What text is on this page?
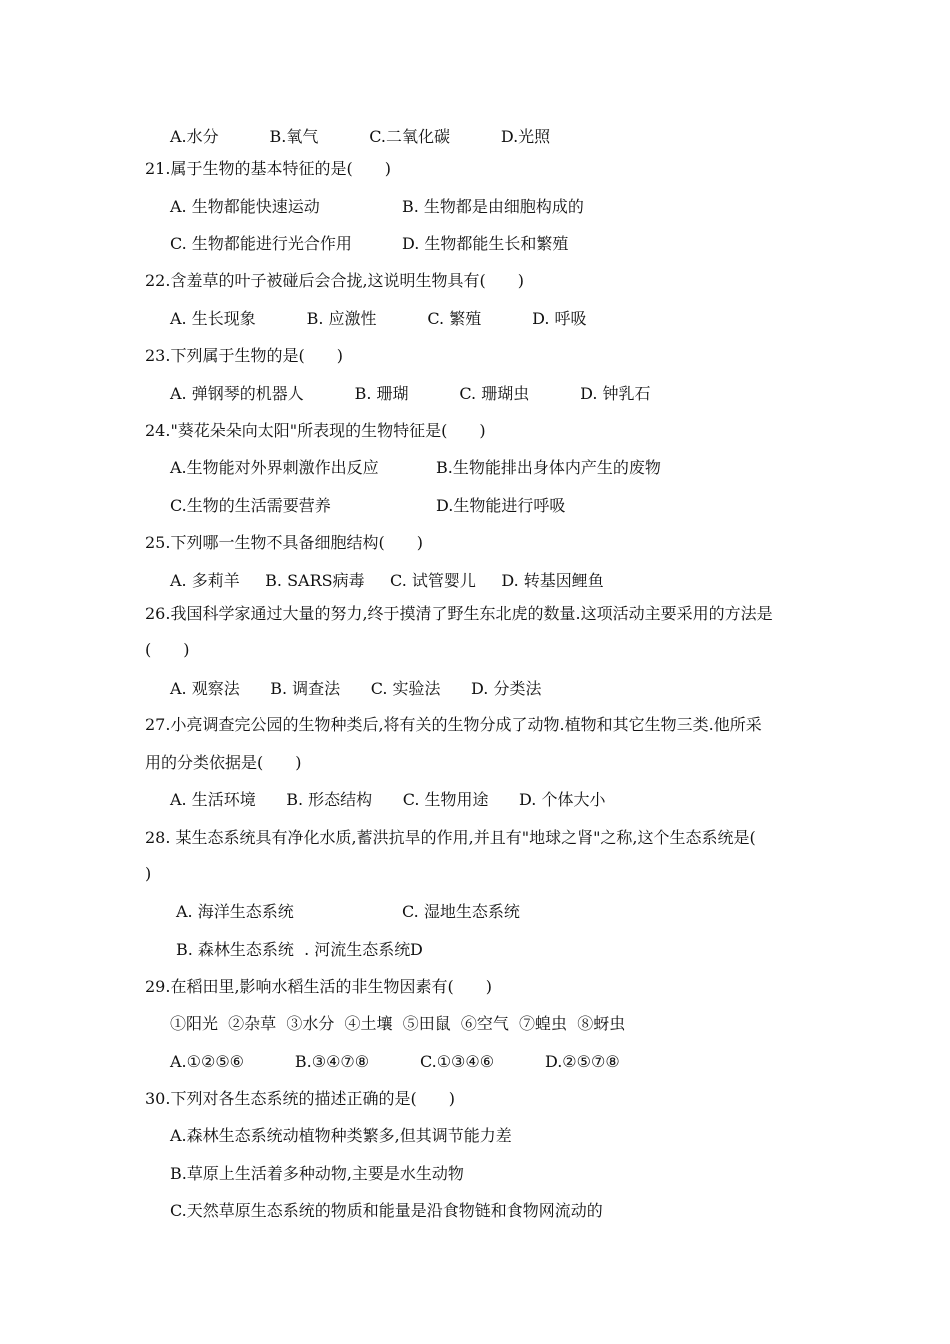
A.水分          B.氧气          C.二氧化碳          D.光照
21.属于生物的基本特征的是(　　)
A. 生物都能快速运动	B. 生物都是由细胞构成的
C. 生物都能进行光合作用	D. 生物都能生长和繁殖
22.含羞草的叶子被碰后会合拢,这说明生物具有(　　)
A. 生长现象          B. 应激性          C. 繁殖          D. 呼吸
23.下列属于生物的是(　　)
A. 弹钢琴的机器人          B. 珊瑚          C. 珊瑚虫          D. 钟乳石
24."葵花朵朵向太阳"所表现的生物特征是(　　)
A.生物能对外界刺激作出反应	B.生物能排出身体内产生的废物
C.生物的生活需要营养	D.生物能进行呼吸
25.下列哪一生物不具备细胞结构(　　)
A. 多莉羊     B. SARS病毒     C. 试管婴儿     D. 转基因鲤鱼
26.我国科学家通过大量的努力,终于摸清了野生东北虎的数量.这项活动主要采用的方法是
(　　)
A. 观察法      B. 调查法      C. 实验法      D. 分类法
27.小亮调查完公园的生物种类后,将有关的生物分成了动物.植物和其它生物三类.他所采
用的分类依据是(　　)
A. 生活环境      B. 形态结构      C. 生物用途      D. 个体大小
28. 某生态系统具有净化水质,蓄洪抗旱的作用,并且有"地球之肾"之称,这个生态系统是(
)
A. 海洋生态系统	C. 湿地生态系统
B. 森林生态系统  . 河流生态系统 D
29.在稻田里,影响水稻生活的非生物因素有(　　)
①阳光  ②杂草  ③水分  ④土壤  ⑤田鼠  ⑥空气  ⑦蝗虫  ⑧蚜虫
A.①②⑤⑥          B.③④⑦⑧          C.①③④⑥          D.②⑤⑦⑧
30.下列对各生态系统的描述正确的是(　　)
A.森林生态系统动植物种类繁多,但其调节能力差
B.草原上生活着多种动物,主要是水生动物
C.天然草原生态系统的物质和能量是沿食物链和食物网流动的
